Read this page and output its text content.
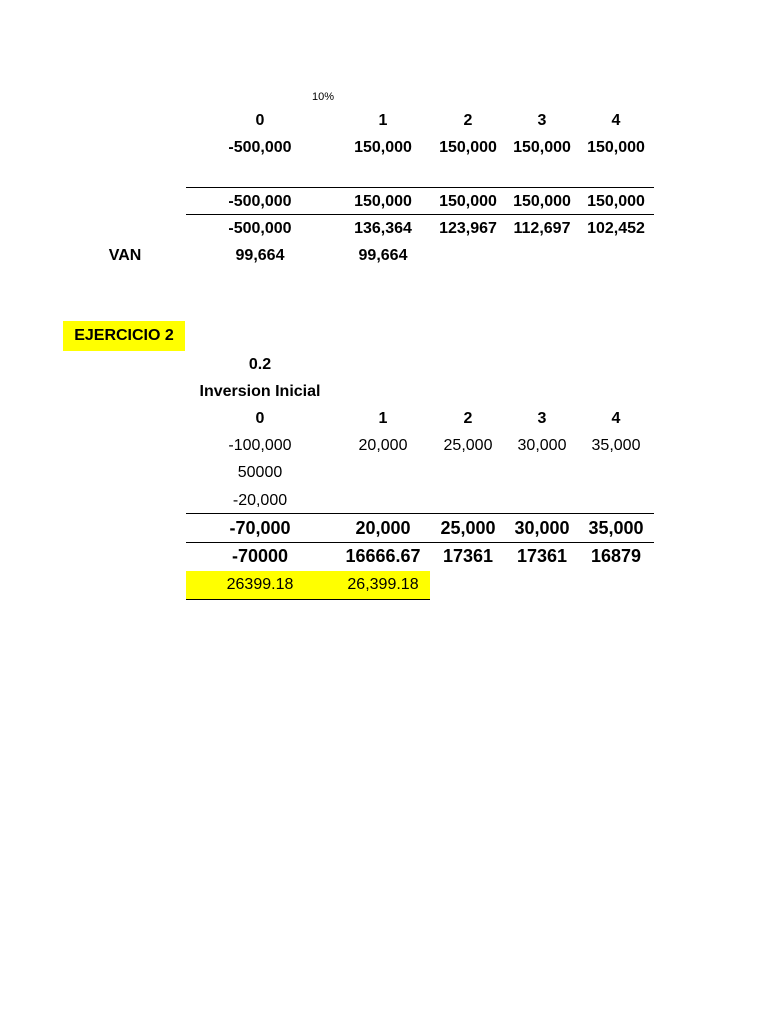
10%
0	1	2	3	4
-500,000	150,000	150,000	150,000	150,000
-500,000	150,000	150,000	150,000	150,000
-500,000	136,364	123,967	112,697	102,452
VAN	99,664	99,664
EJERCICIO 2
0.2
Inversion Inicial
0	1	2	3	4
-100,000	20,000	25,000	30,000	35,000
50000
-20,000
-70,000	20,000	25,000	30,000	35,000
-70000	16666.67	17361	17361	16879
26399.18	26,399.18
